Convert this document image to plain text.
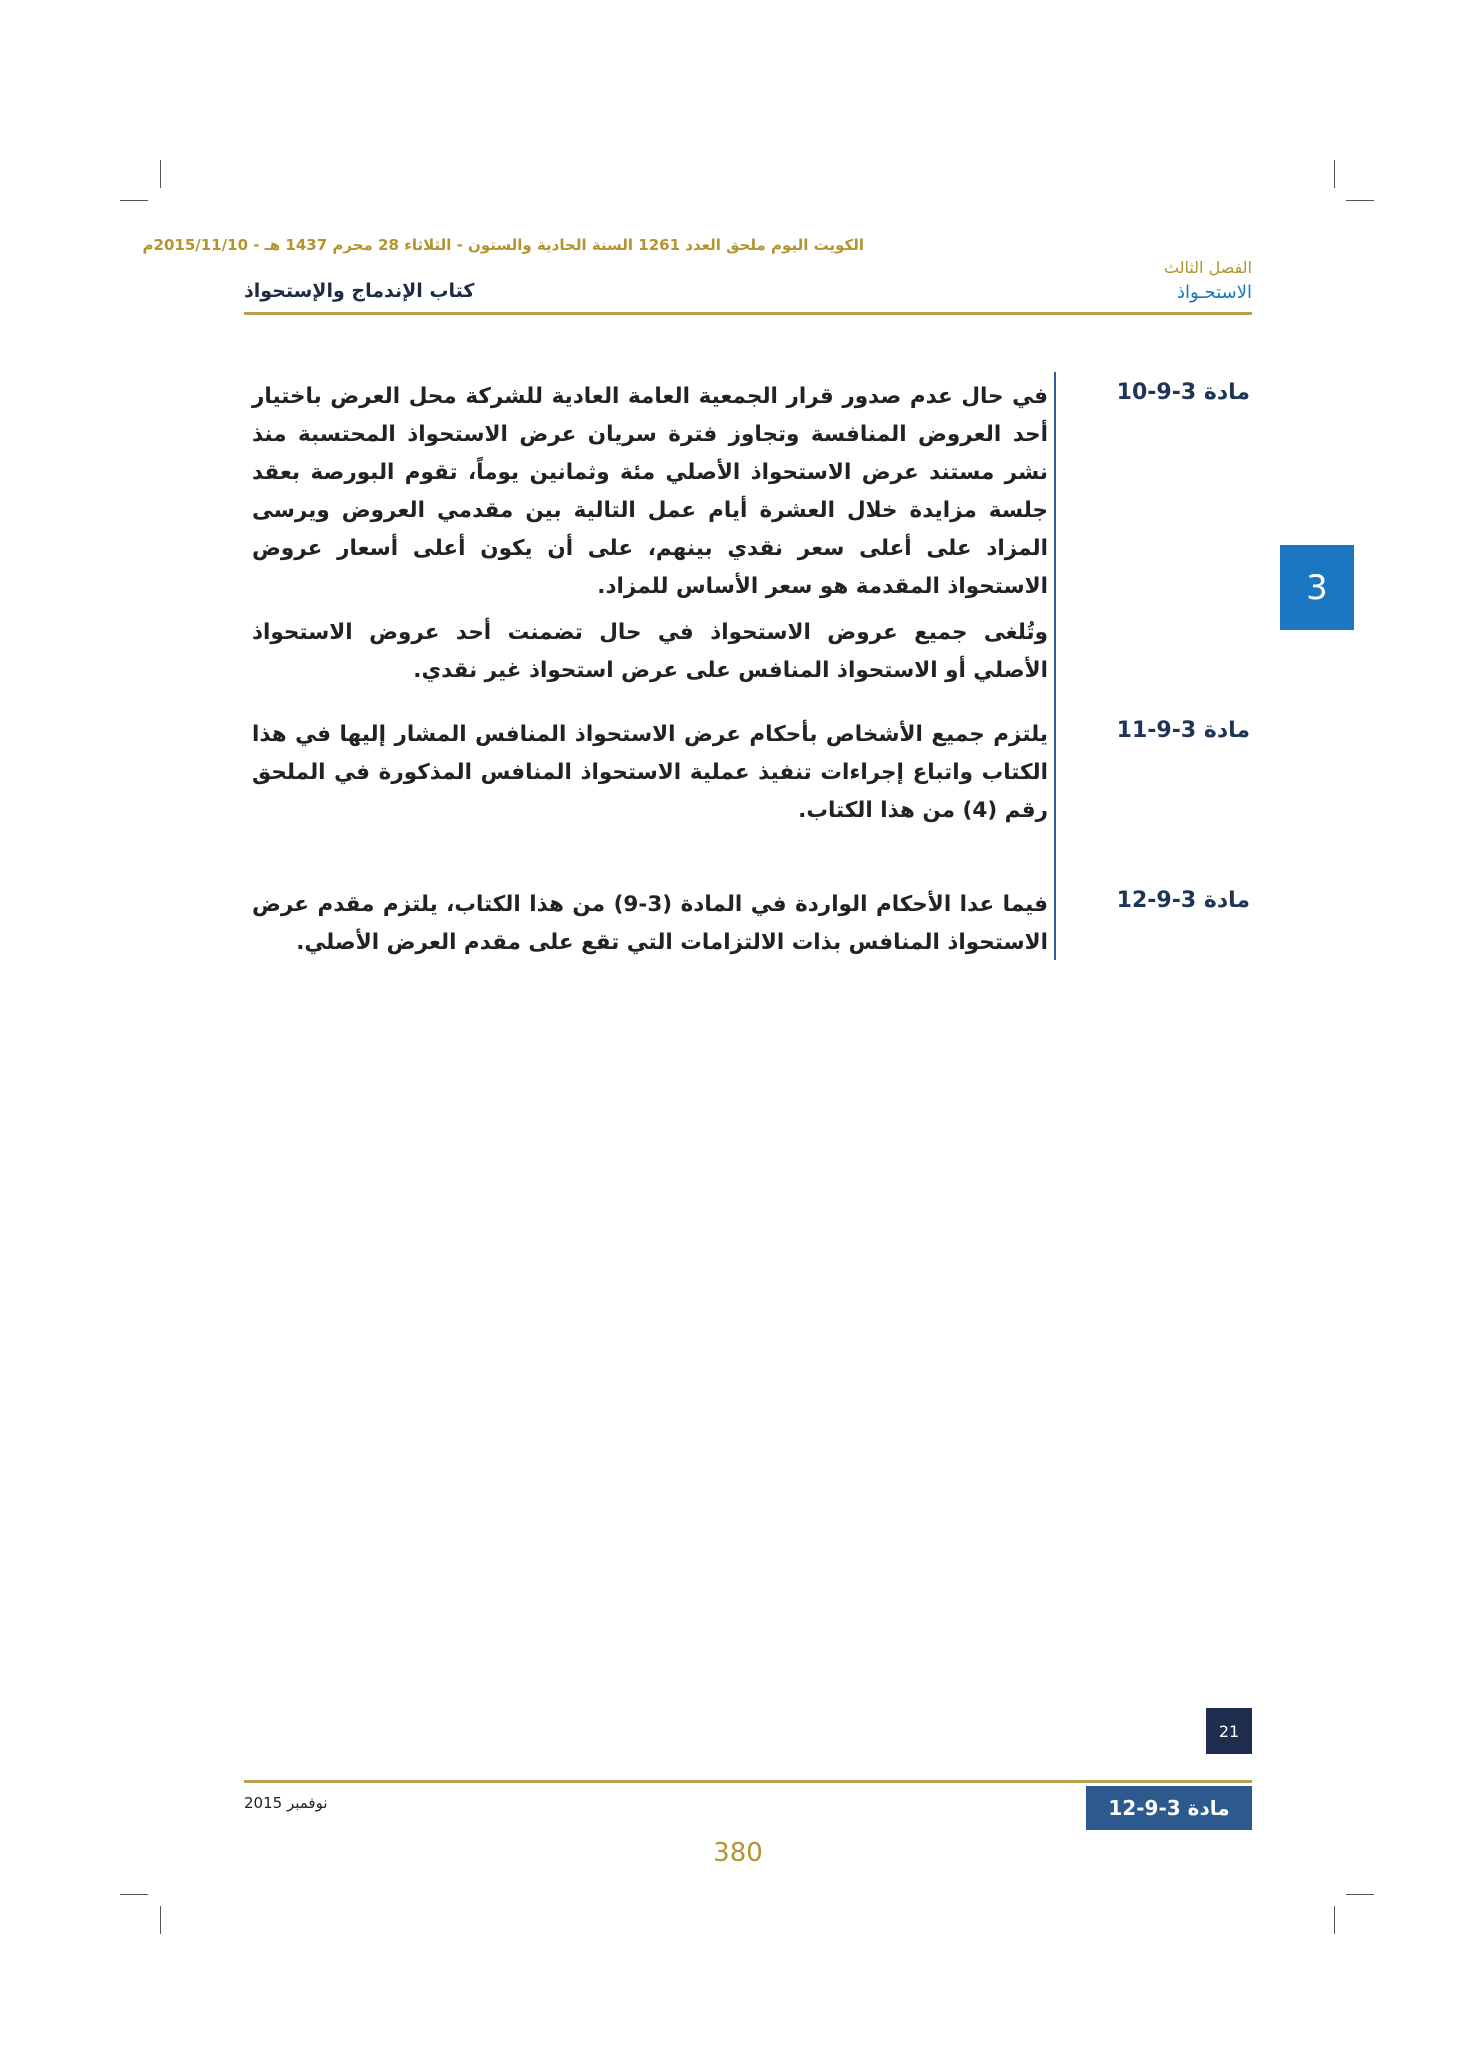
الكويت اليوم ملحق العدد 1261 السنة الحادية والستون - الثلاثاء 28 محرم 1437 هـ - 2015/11/10م
الفصل الثالث
الاستحـواذ
كتاب الإندماج والإستحواذ
مادة 3-9-10

في حال عدم صدور قرار الجمعية العامة العادية للشركة محل العرض باختيار أحد العروض المنافسة وتجاوز فترة سريان عرض الاستحواذ المحتسبة منذ نشر مستند عرض الاستحواذ الأصلي مئة وثمانين يوماً، تقوم البورصة بعقد جلسة مزايدة خلال العشرة أيام عمل التالية بين مقدمي العروض ويرسى المزاد على أعلى سعر نقدي بينهم، على أن يكون أعلى أسعار عروض الاستحواذ المقدمة هو سعر الأساس للمزاد.

وتُلغى جميع عروض الاستحواذ في حال تضمنت أحد عروض الاستحواذ الأصلي أو الاستحواذ المنافس على عرض استحواذ غير نقدي.

مادة 3-9-11

يلتزم جميع الأشخاص بأحكام عرض الاستحواذ المنافس المشار إليها في هذا الكتاب واتباع إجراءات تنفيذ عملية الاستحواذ المنافس المذكورة في الملحق رقم (4) من هذا الكتاب.

مادة 3-9-12

فيما عدا الأحكام الواردة في المادة (3-9) من هذا الكتاب، يلتزم مقدم عرض الاستحواذ المنافس بذات الالتزامات التي تقع على مقدم العرض الأصلي.

3
21
نوفمبر 2015	مادة 3-9-12
380
